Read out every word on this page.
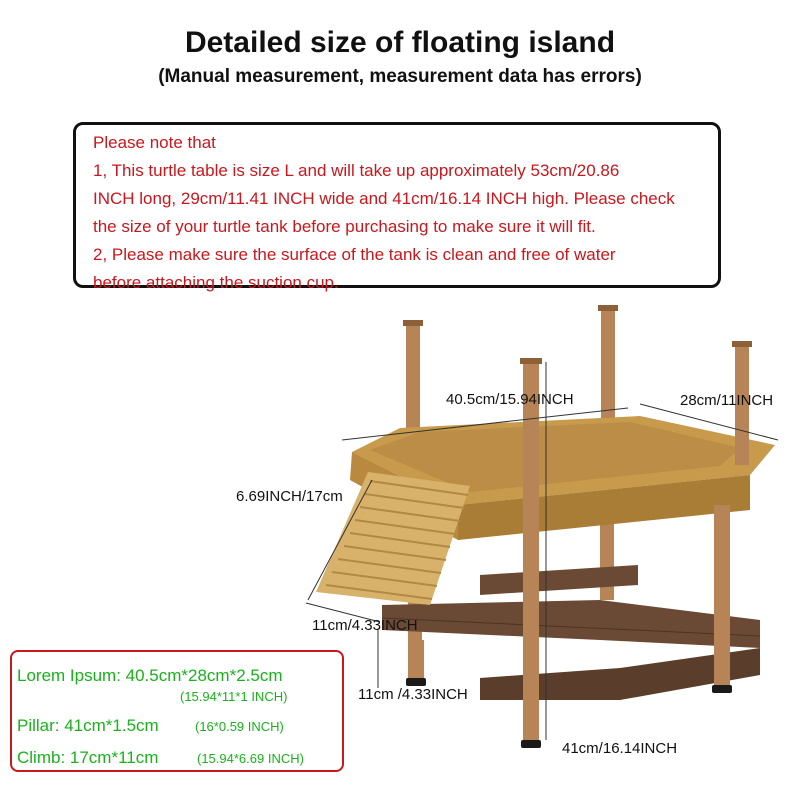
Detailed size of floating island
(Manual measurement, measurement data has errors)
Please note that
1, This turtle table is size L and will take up approximately 53cm/20.86
INCH long, 29cm/11.41 INCH wide and 41cm/16.14 INCH high. Please check
the size of your turtle tank before purchasing to make sure it will fit.
2, Please make sure the surface of the tank is clean and free of water
before attaching the suction cup.
40.5cm/15.94INCH	28cm/11INCH
6.69INCH/17cm
11cm/4.33INCH
11cm /4.33INCH
41cm/16.14INCH
Lorem Ipsum: 40.5cm*28cm*2.5cm
(15.94*11*1 INCH)
Pillar: 41cm*1.5cm	(16*0.59 INCH)
Climb: 17cm*11cm	(15.94*6.69 INCH)
